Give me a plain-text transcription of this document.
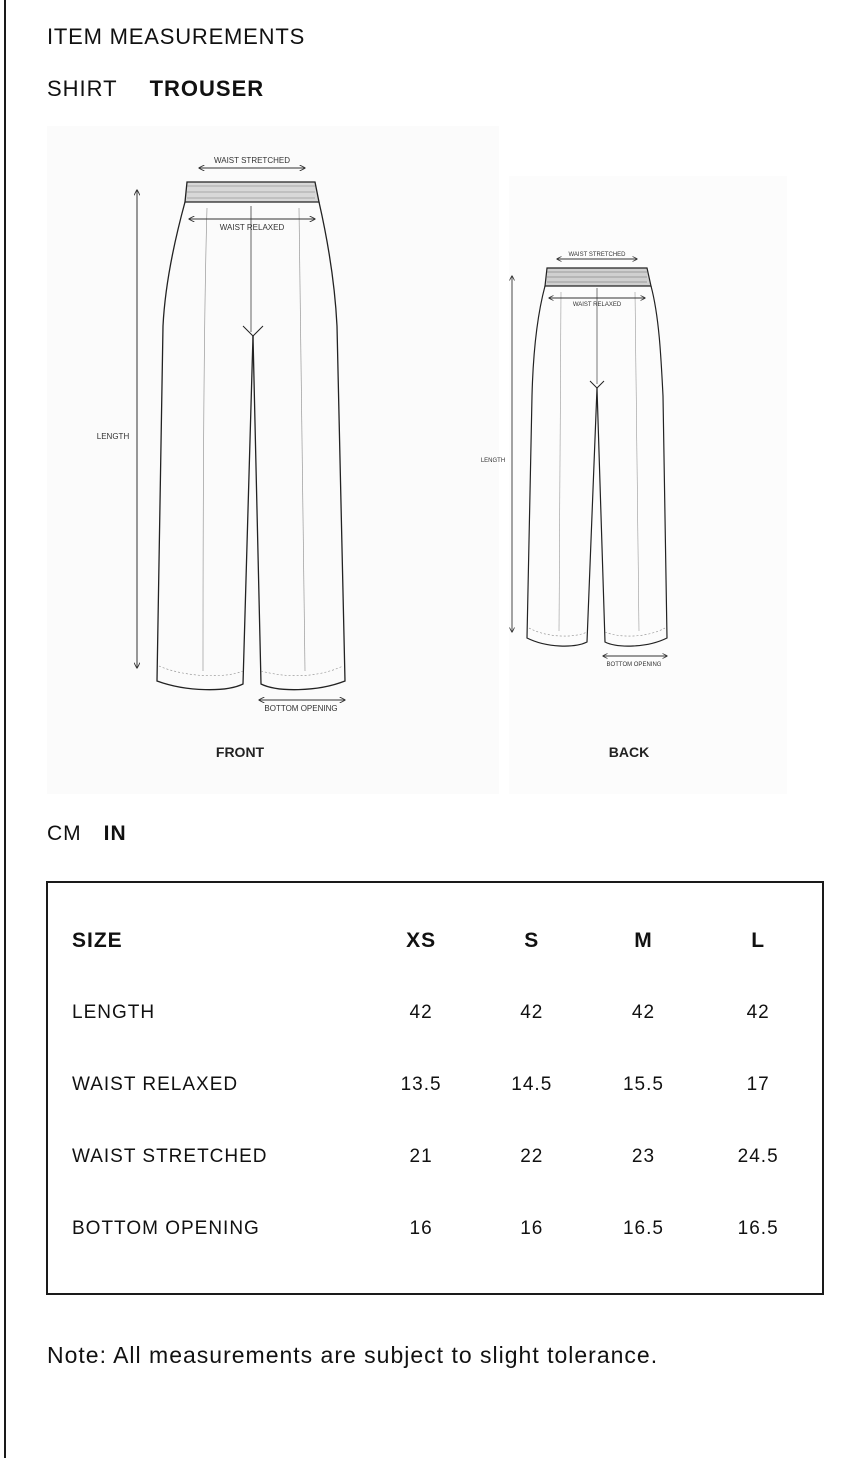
ITEM MEASUREMENTS
SHIRT TROUSER
WAIST STRETCHED
WAIST RELAXED
LENGTH
BOTTOM OPENING
FRONT
WAIST STRETCHED
WAIST RELAXED
LENGTH
BOTTOM OPENING
BACK
CM IN
SIZE	XS	S	M	L
LENGTH	42	42	42	42
WAIST RELAXED	13.5	14.5	15.5	17
WAIST STRETCHED	21	22	23	24.5
BOTTOM OPENING	16	16	16.5	16.5
Note: All measurements are subject to slight tolerance.
